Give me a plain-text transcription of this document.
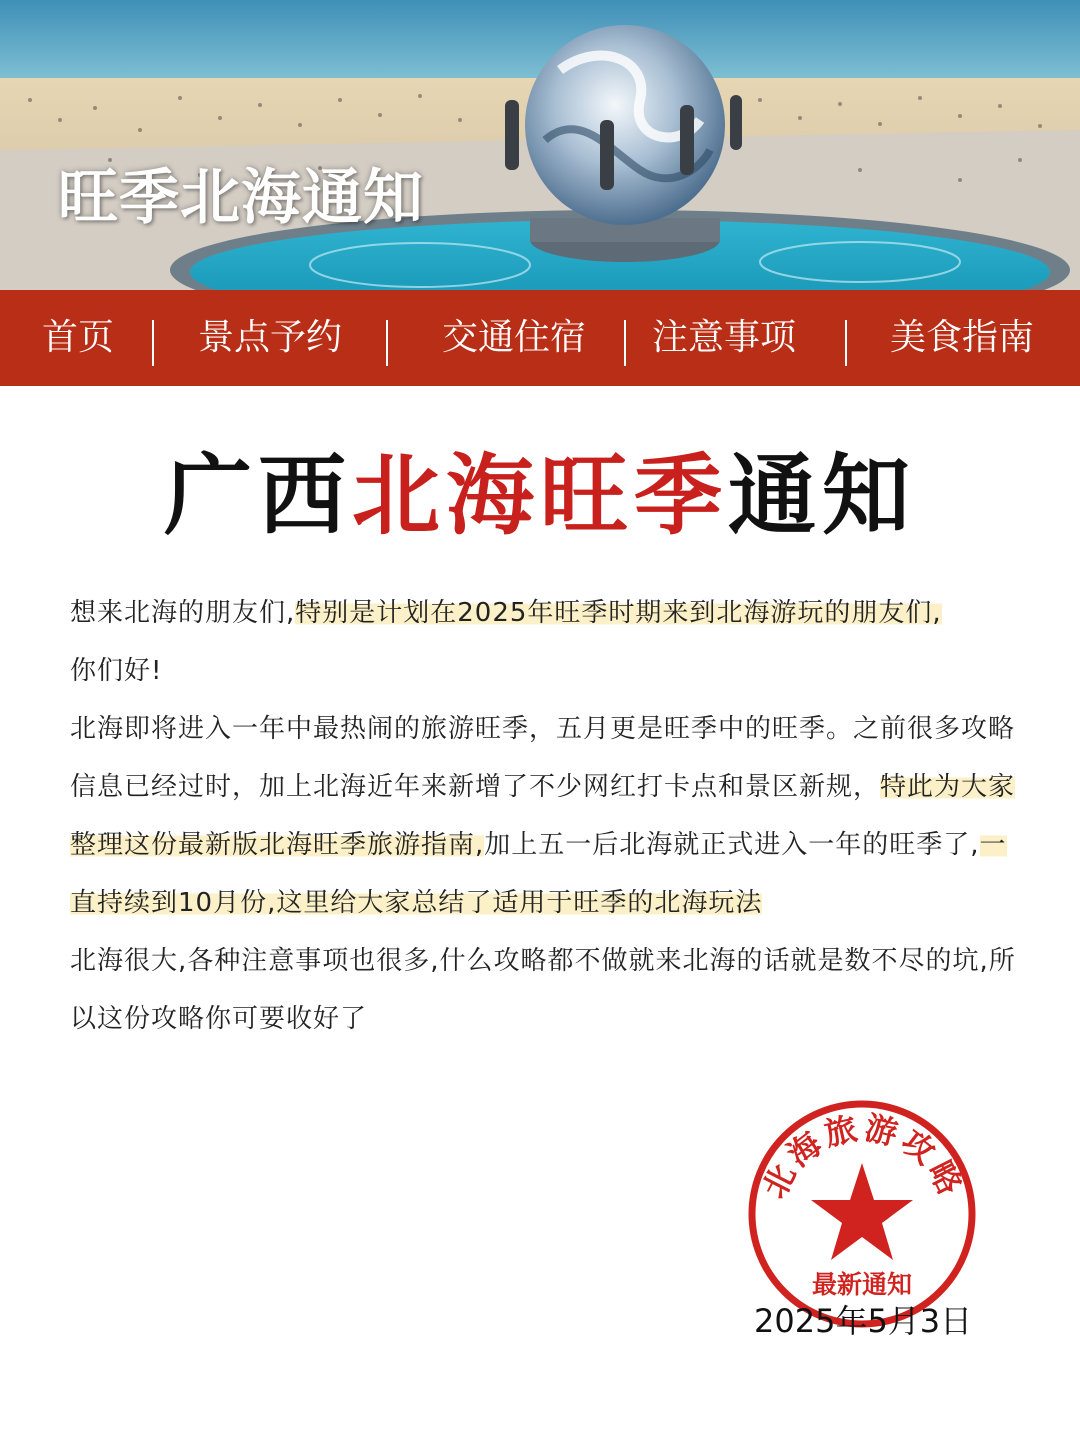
旺季北海通知
首页 景点予约	交通住宿 注意事项	美食指南
广西北海旺季通知

想来北海的朋友们,特别是计划在2025年旺季时期来到北海游玩的朋友们,
你们好!

北海即将进入一年中最热闹的旅游旺季，五月更是旺季中的旺季。之前很多攻略信息已经过时，加上北海近年来新增了不少网红打卡点和景区新规，特此为大家整理这份最新版北海旺季旅游指南,加上五一后北海就正式进入一年的旺季了,一直持续到10月份,这里给大家总结了适用于旺季的北海玩法

北海很大,各种注意事项也很多,什么攻略都不做就来北海的话就是数不尽的坑,所以这份攻略你可要收好了

北海旅游攻略
最新通知
2025年5月3日
